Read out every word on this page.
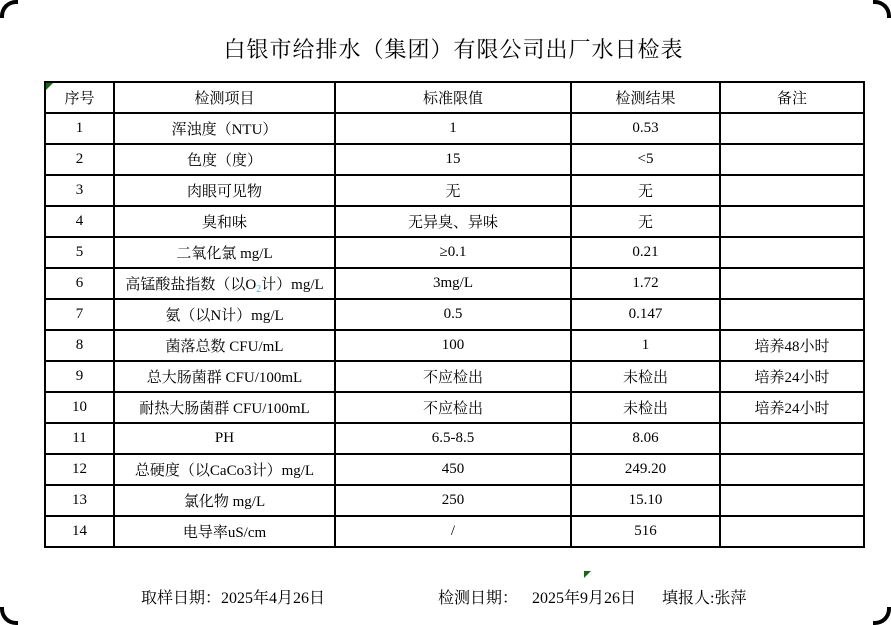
白银市给排水（集团）有限公司出厂水日检表
序号	检测项目	标准限值	检测结果	备注
1	浑浊度（NTU）	1	0.53	
2	色度（度）	15	<5	
3	肉眼可见物	无	无	
4	臭和味	无异臭、异味	无	
5	二氧化氯 mg/L	≥0.1	0.21	
6	高锰酸盐指数（以$O_2$计）mg/L	3mg/L	1.72	
7	氨（以N计）mg/L	0.5	0.147	
8	菌落总数 CFU/mL	100	1	培养48小时
9	总大肠菌群 CFU/100mL	不应检出	未检出	培养24小时
10	耐热大肠菌群 CFU/100mL	不应检出	未检出	培养24小时
11	PH	6.5-8.5	8.06	
12	总硬度（以CaCo3计）mg/L	450	249.20	
13	氯化物 mg/L	250	15.10	
14	电导率uS/cm	/	516	
取样日期：2025年4月26日	检测日期： 2025年9月26日 填报人:张萍
